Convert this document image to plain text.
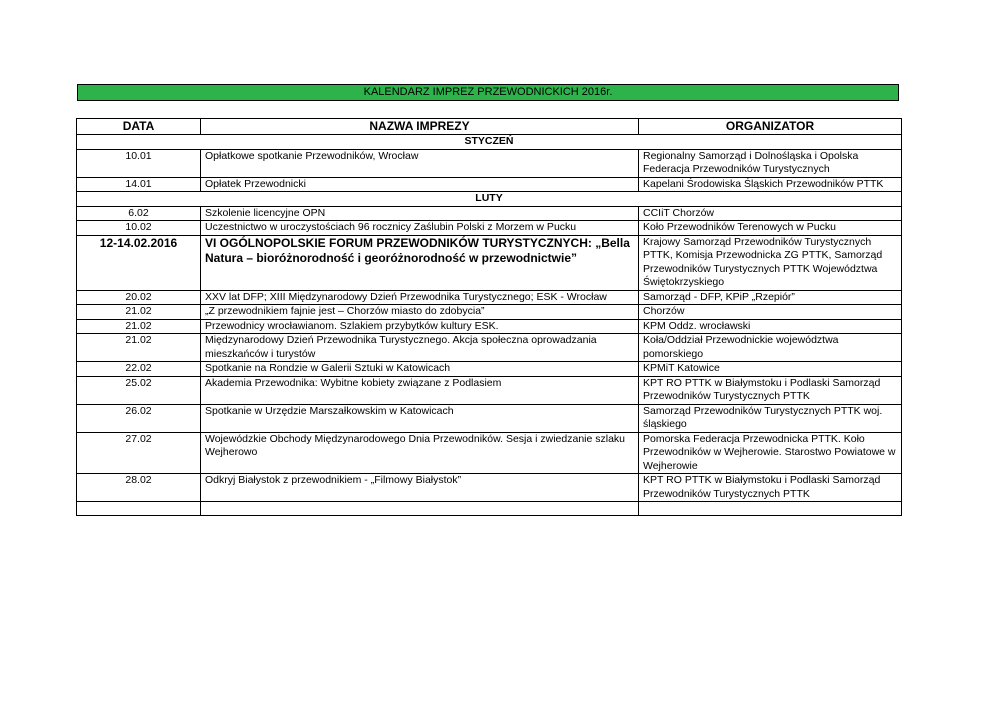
KALENDARZ IMPREZ PRZEWODNICKICH 2016r.
DATA	NAZWA IMPREZY	ORGANIZATOR
STYCZEŃ		
10.01	Opłatkowe spotkanie Przewodników, Wrocław	Regionalny Samorząd i Dolnośląska i Opolska Federacja Przewodników Turystycznych
14.01	Opłatek Przewodnicki	Kapelani Środowiska Śląskich Przewodników PTTK
LUTY		
6.02	Szkolenie licencyjne OPN	CCIiT Chorzów
10.02	Uczestnictwo w uroczystościach 96 rocznicy Zaślubin Polski z Morzem w Pucku	Koło Przewodników Terenowych w Pucku
12-14.02.2016	VI OGÓLNOPOLSKIE FORUM PRZEWODNIKÓW TURYSTYCZNYCH: „Bella Natura – bioróżnorodność i georóżnorodność w przewodnictwie”	Krajowy Samorząd Przewodników Turystycznych PTTK, Komisja Przewodnicka ZG PTTK, Samorząd Przewodników Turystycznych PTTK Województwa Świętokrzyskiego
20.02	XXV lat DFP; XIII Międzynarodowy Dzień Przewodnika Turystycznego; ESK - Wrocław	Samorząd - DFP, KPiP „Rzepiór”
21.02	„Z przewodnikiem fajnie jest – Chorzów miasto do zdobycia”	Chorzów
21.02	Przewodnicy wrocławianom. Szlakiem przybytków kultury ESK.	KPM Oddz. wrocławski
21.02	Międzynarodowy Dzień Przewodnika Turystycznego. Akcja społeczna oprowadzania mieszkańców i turystów	Koła/Oddział Przewodnickie województwa pomorskiego
22.02	Spotkanie na Rondzie w Galerii Sztuki w Katowicach	KPMiT Katowice
25.02	Akademia Przewodnika: Wybitne kobiety związane z Podlasiem	KPT RO PTTK w Białymstoku i Podlaski Samorząd Przewodników Turystycznych PTTK
26.02	Spotkanie w Urzędzie Marszałkowskim w Katowicach	Samorząd Przewodników Turystycznych PTTK woj. śląskiego
27.02	Wojewódzkie Obchody Międzynarodowego Dnia Przewodników. Sesja i zwiedzanie szlaku Wejherowo	Pomorska Federacja Przewodnicka PTTK. Koło Przewodników w Wejherowie. Starostwo Powiatowe w Wejherowie
28.02	Odkryj Białystok z przewodnikiem - „Filmowy Białystok”	KPT RO PTTK w Białymstoku i Podlaski Samorząd Przewodników Turystycznych PTTK
